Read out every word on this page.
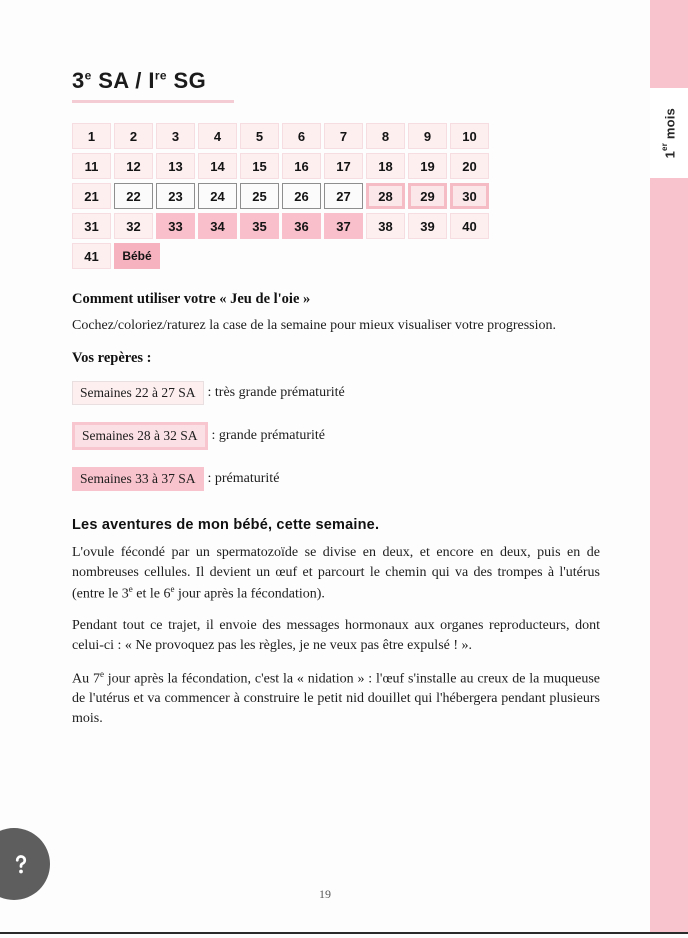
1er mois
3e SA / Ire SG
1	2	3	4	5	6	7	8	9	10
11	12	13	14	15	16	17	18	19	20
21	22	23	24	25	26	27	28	29	30
31	32	33	34	35	36	37	38	39	40
41	Bébé
Comment utiliser votre « Jeu de l'oie »

Cochez/coloriez/raturez la case de la semaine pour mieux visualiser votre progression.

Vos repères :
Semaines 22 à 27 SA : très grande prématurité
Semaines 28 à 32 SA	: grande prématurité
Semaines 33 à 37 SA : prématurité
Les aventures de mon bébé, cette semaine.

L'ovule fécondé par un spermatozoïde se divise en deux, et encore en deux, puis en de nombreuses cellules. Il devient un œuf et parcourt le chemin qui va des trompes à l'utérus (entre le 3e et le 6e jour après la fécondation).

Pendant tout ce trajet, il envoie des messages hormonaux aux organes reproducteurs, dont celui-ci : « Ne provoquez pas les règles, je ne veux pas être expulsé ! ».

Au 7e jour après la fécondation, c'est la « nidation » : l'œuf s'installe au creux de la muqueuse de l'utérus et va commencer à construire le petit nid douillet qui l'hébergera pendant plusieurs mois.

19
